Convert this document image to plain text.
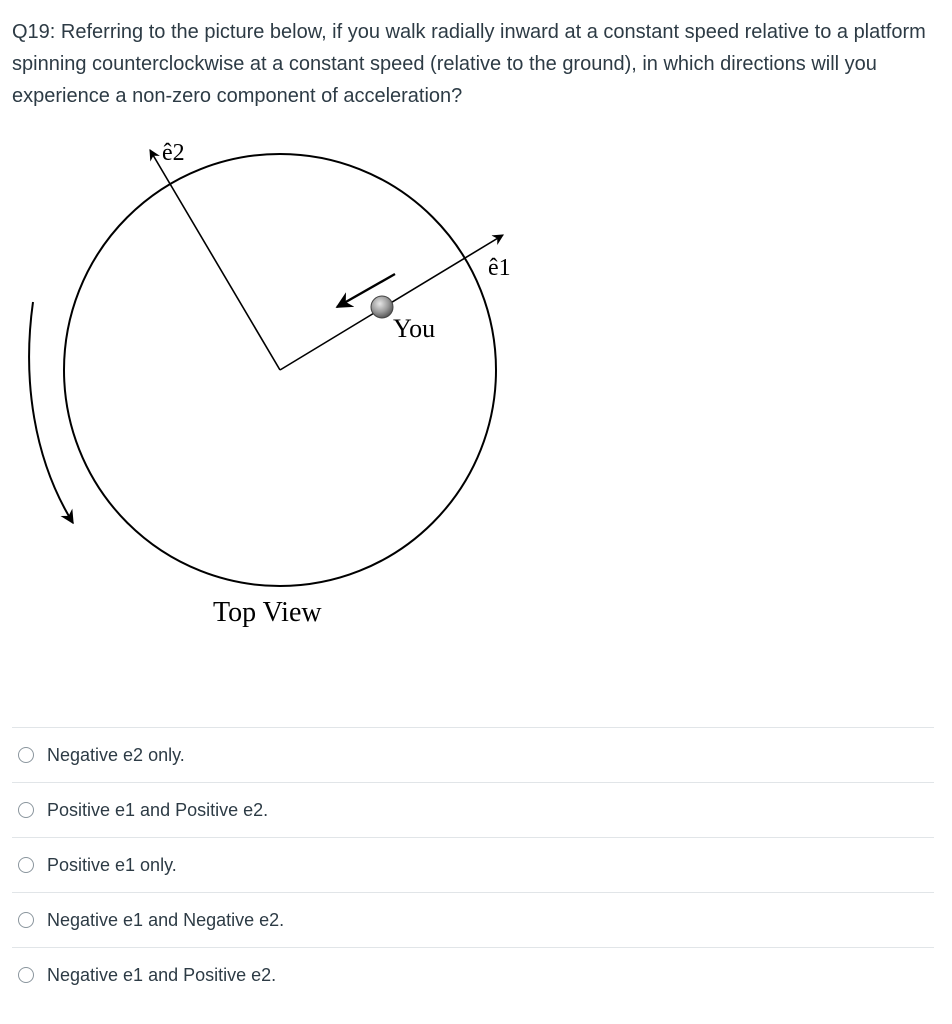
Q19: Referring to the picture below, if you walk radially inward at a constant speed relative to a platform spinning counterclockwise at a constant speed (relative to the ground), in which directions will you experience a non-zero component of acceleration?

ê2
ê1
You
Top View
Negative e2 only.
Positive e1 and Positive e2.
Positive e1 only.
Negative e1 and Negative e2.
Negative e1 and Positive e2.
